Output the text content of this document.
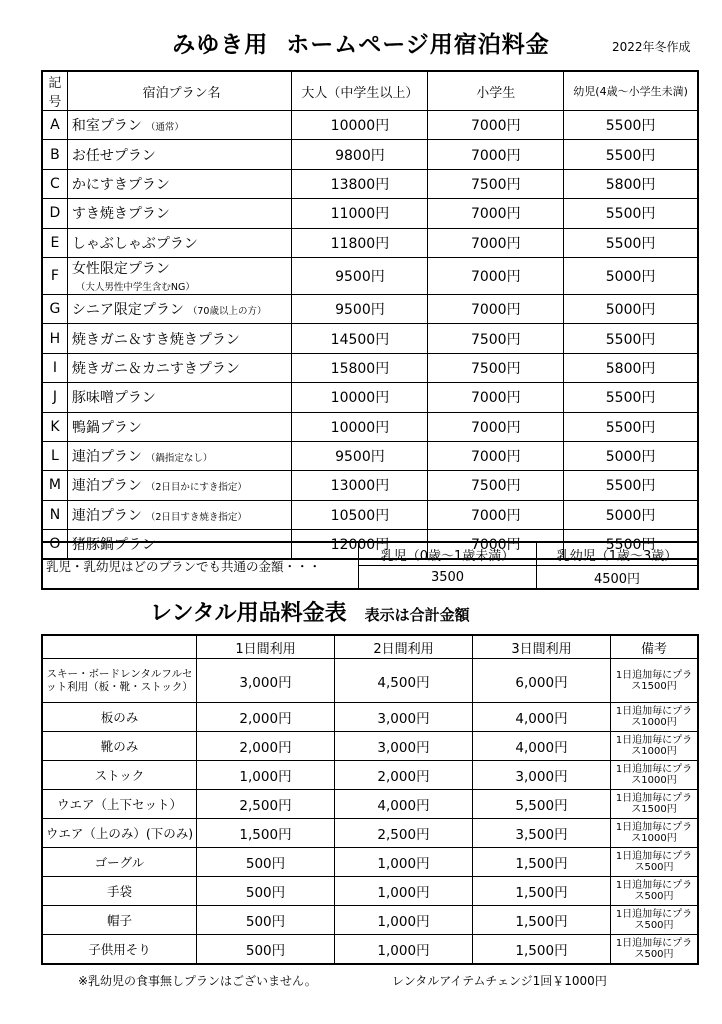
みゆき用 ホームページ用宿泊料金	2022年冬作成
記号	宿泊プラン名	大人（中学生以上）	小学生	幼児(4歳〜小学生未満)
A	和室プラン （通常）	10000円	7000円	5500円
B	お任せプラン	9800円	7000円	5500円
C	かにすきプラン	13800円	7500円	5800円
D	すき焼きプラン	11000円	7000円	5500円
E	しゃぶしゃぶプラン	11800円	7000円	5500円
F	女性限定プラン（大人男性中学生含むNG）	9500円	7000円	5000円
G	シニア限定プラン （70歳以上の方）	9500円	7000円	5000円
H	焼きガニ＆すき焼きプラン	14500円	7500円	5500円
I	焼きガニ＆カニすきプラン	15800円	7500円	5800円
J	豚味噌プラン	10000円	7000円	5500円
K	鴨鍋プラン	10000円	7000円	5500円
L	連泊プラン （鍋指定なし）	9500円	7000円	5000円
M	連泊プラン （2日目かにすき指定）	13000円	7500円	5500円
N	連泊プラン （2日目すき焼き指定）	10500円	7000円	5000円
O	猪豚鍋プラン	12000円	7000円	5500円
乳児・乳幼児はどのプランでも共通の金額・・・	乳児（0歳〜1歳未満）	乳幼児（1歳〜3歳）
	3500	4500円
レンタル用品料金表 表示は合計金額
	1日間利用	2日間利用	3日間利用	備考
スキー・ボードレンタルフルセット利用（板・靴・ストック）	3,000円	4,500円	6,000円	1日追加毎にプラス1500円
板のみ	2,000円	3,000円	4,000円	1日追加毎にプラス1000円
靴のみ	2,000円	3,000円	4,000円	1日追加毎にプラス1000円
ストック	1,000円	2,000円	3,000円	1日追加毎にプラス1000円
ウエア（上下セット）	2,500円	4,000円	5,500円	1日追加毎にプラス1500円
ウエア（上のみ）(下のみ)	1,500円	2,500円	3,500円	1日追加毎にプラス1000円
ゴーグル	500円	1,000円	1,500円	1日追加毎にプラス500円
手袋	500円	1,000円	1,500円	1日追加毎にプラス500円
帽子	500円	1,000円	1,500円	1日追加毎にプラス500円
子供用そり	500円	1,000円	1,500円	1日追加毎にプラス500円
※乳幼児の食事無しプランはございません。	レンタルアイテムチェンジ1回￥1000円
